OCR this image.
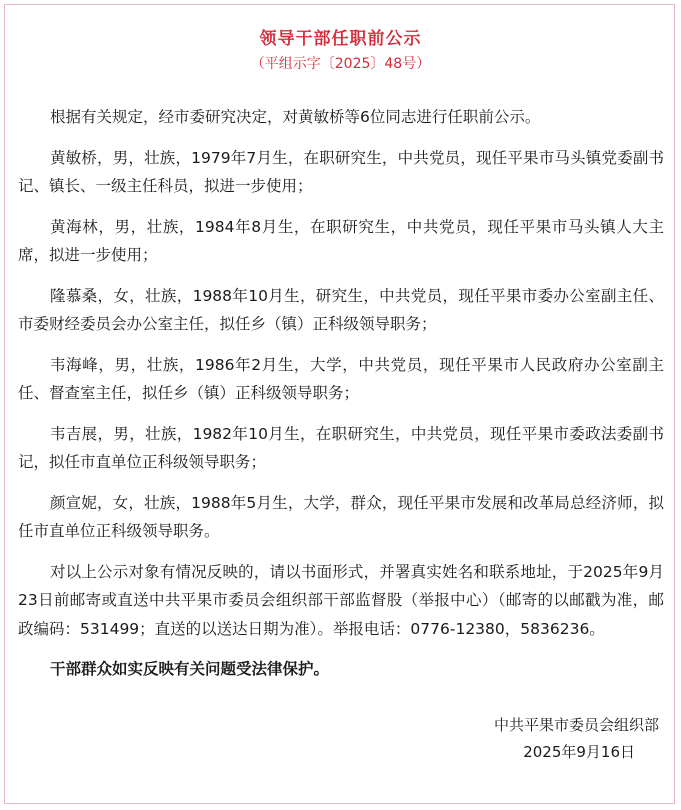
领导干部任职前公示
（平组示字〔2025〕48号）

根据有关规定，经市委研究决定，对黄敏桥等6位同志进行任职前公示。

黄敏桥，男，壮族，1979年7月生，在职研究生，中共党员，现任平果市马头镇党委副书记、镇长、一级主任科员，拟进一步使用；

黄海林，男，壮族，1984年8月生，在职研究生，中共党员，现任平果市马头镇人大主席，拟进一步使用；

隆慕桑，女，壮族，1988年10月生，研究生，中共党员，现任平果市委办公室副主任、市委财经委员会办公室主任，拟任乡（镇）正科级领导职务；

韦海峰，男，壮族，1986年2月生，大学，中共党员，现任平果市人民政府办公室副主任、督查室主任，拟任乡（镇）正科级领导职务；

韦吉展，男，壮族，1982年10月生，在职研究生，中共党员，现任平果市委政法委副书记，拟任市直单位正科级领导职务；

颜宣妮，女，壮族，1988年5月生，大学，群众，现任平果市发展和改革局总经济师，拟任市直单位正科级领导职务。

对以上公示对象有情况反映的，请以书面形式，并署真实姓名和联系地址，于2025年9月23日前邮寄或直送中共平果市委员会组织部干部监督股（举报中心）（邮寄的以邮戳为准，邮政编码：531499；直送的以送达日期为准）。举报电话：0776-12380，5836236。

干部群众如实反映有关问题受法律保护。

中共平果市委员会组织部
2025年9月16日
